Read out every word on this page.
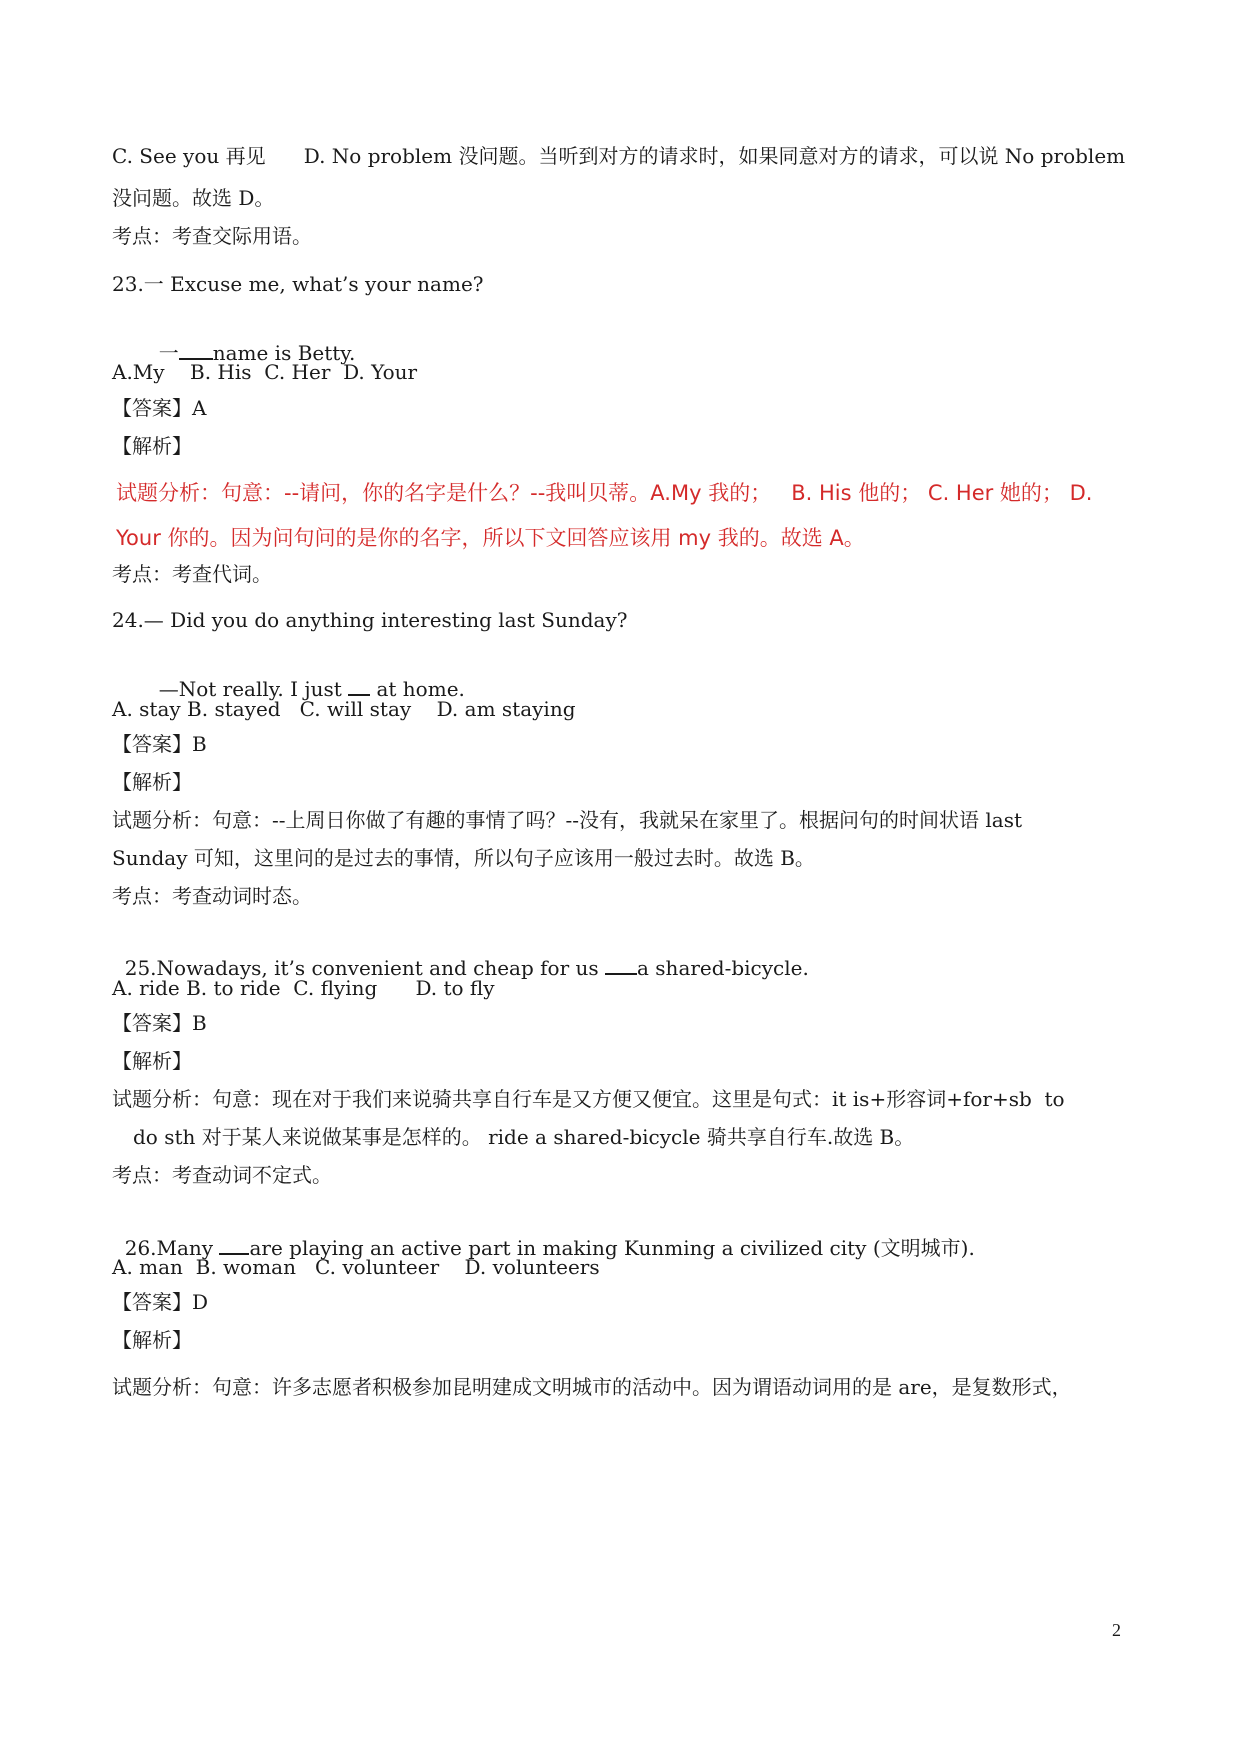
C. See you 再见      D. No problem 没问题。当听到对方的请求时，如果同意对方的请求，可以说 No problem
没问题。故选 D。
考点：考查交际用语。
23.一 Excuse me, what’s your name?

一 name is Betty.

A.My    B. His  C. Her  D. Your
【答案】A
【解析】
试题分析：句意：--请问，你的名字是什么？--我叫贝蒂。A.My 我的；   B. His 他的； C. Her 她的； D.
Your 你的。因为问句问的是你的名字，所以下文回答应该用 my 我的。故选 A。
考点：考查代词。
24.— Did you do anything interesting last Sunday?

—Not really. I just at home.

A. stay B. stayed   C. will stay    D. am staying
【答案】B
【解析】
试题分析：句意：--上周日你做了有趣的事情了吗？--没有，我就呆在家里了。根据问句的时间状语 last
Sunday 可知，这里问的是过去的事情，所以句子应该用一般过去时。故选 B。
考点：考查动词时态。

25.Nowadays, it’s convenient and cheap for us a shared-bicycle.

A. ride B. to ride  C. flying      D. to fly
【答案】B
【解析】
试题分析：句意：现在对于我们来说骑共享自行车是又方便又便宜。这里是句式：it is+形容词+for+sb  to
do sth 对于某人来说做某事是怎样的。 ride a shared-bicycle 骑共享自行车.故选 B。
考点：考查动词不定式。

26.Many are playing an active part in making Kunming a civilized city (文明城市).

A. man  B. woman   C. volunteer    D. volunteers
【答案】D
【解析】
试题分析：句意：许多志愿者积极参加昆明建成文明城市的活动中。因为谓语动词用的是 are，是复数形式，
2
